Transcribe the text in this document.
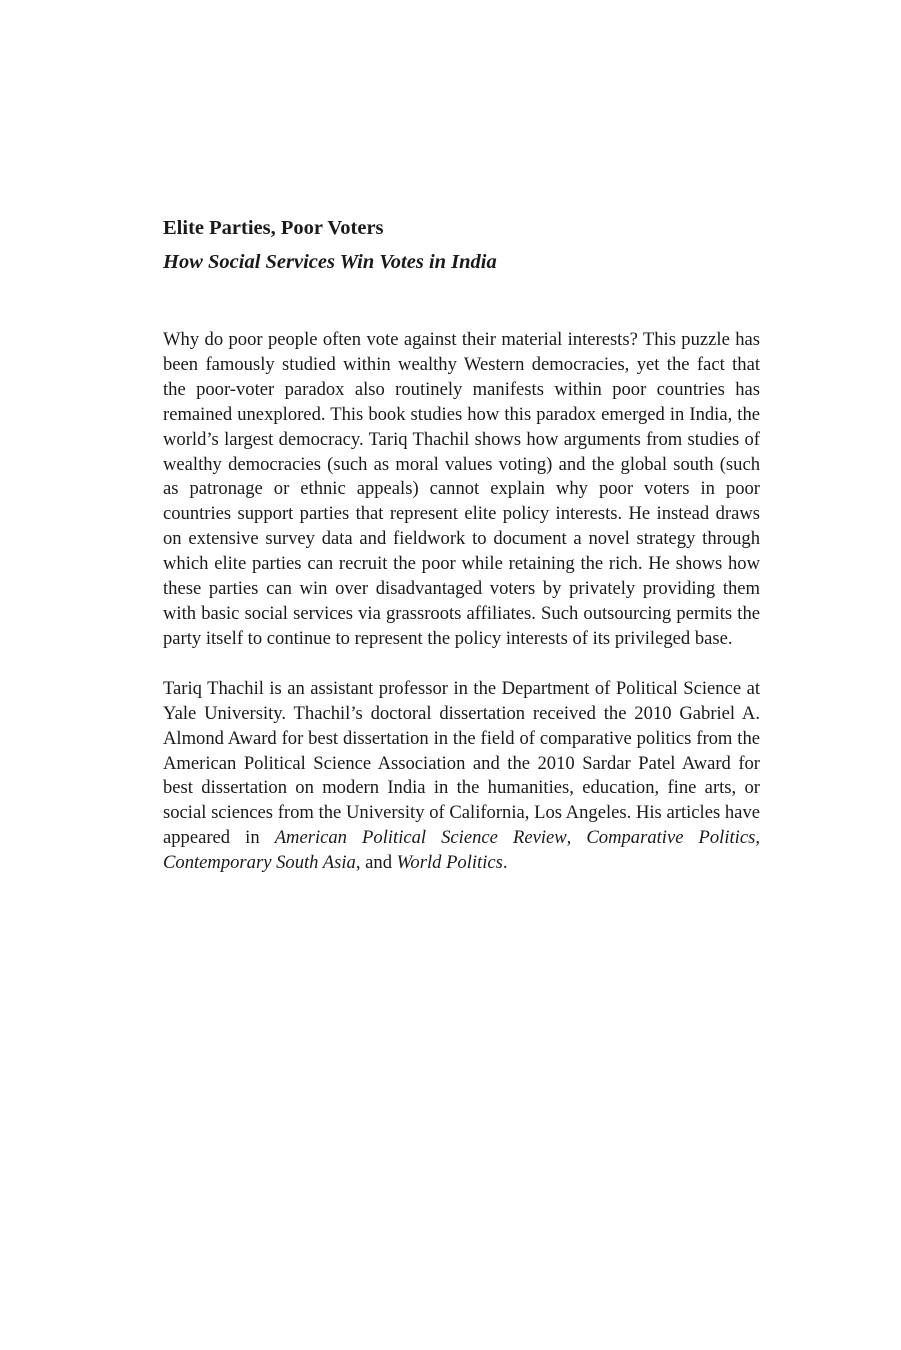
Elite Parties, Poor Voters
How Social Services Win Votes in India

Why do poor people often vote against their material interests? This puzzle has been famously studied within wealthy Western democracies, yet the fact that the poor-voter paradox also routinely manifests within poor countries has remained unexplored. This book studies how this paradox emerged in India, the world’s largest democracy. Tariq Thachil shows how arguments from studies of wealthy democracies (such as moral values voting) and the global south (such as patronage or ethnic appeals) cannot explain why poor voters in poor countries support parties that represent elite policy interests. He instead draws on extensive survey data and fieldwork to document a novel strategy through which elite parties can recruit the poor while retaining the rich. He shows how these parties can win over disadvantaged voters by privately providing them with basic social services via grassroots affiliates. Such outsourcing permits the party itself to continue to represent the policy interests of its privileged base.

Tariq Thachil is an assistant professor in the Department of Political Science at Yale University. Thachil’s doctoral dissertation received the 2010 Gabriel A. Almond Award for best dissertation in the field of comparative politics from the American Political Science Association and the 2010 Sardar Patel Award for best dissertation on modern India in the humanities, education, fine arts, or social sciences from the University of California, Los Angeles. His articles have appeared in American Political Science Review, Comparative Politics, Contemporary South Asia, and World Politics.
